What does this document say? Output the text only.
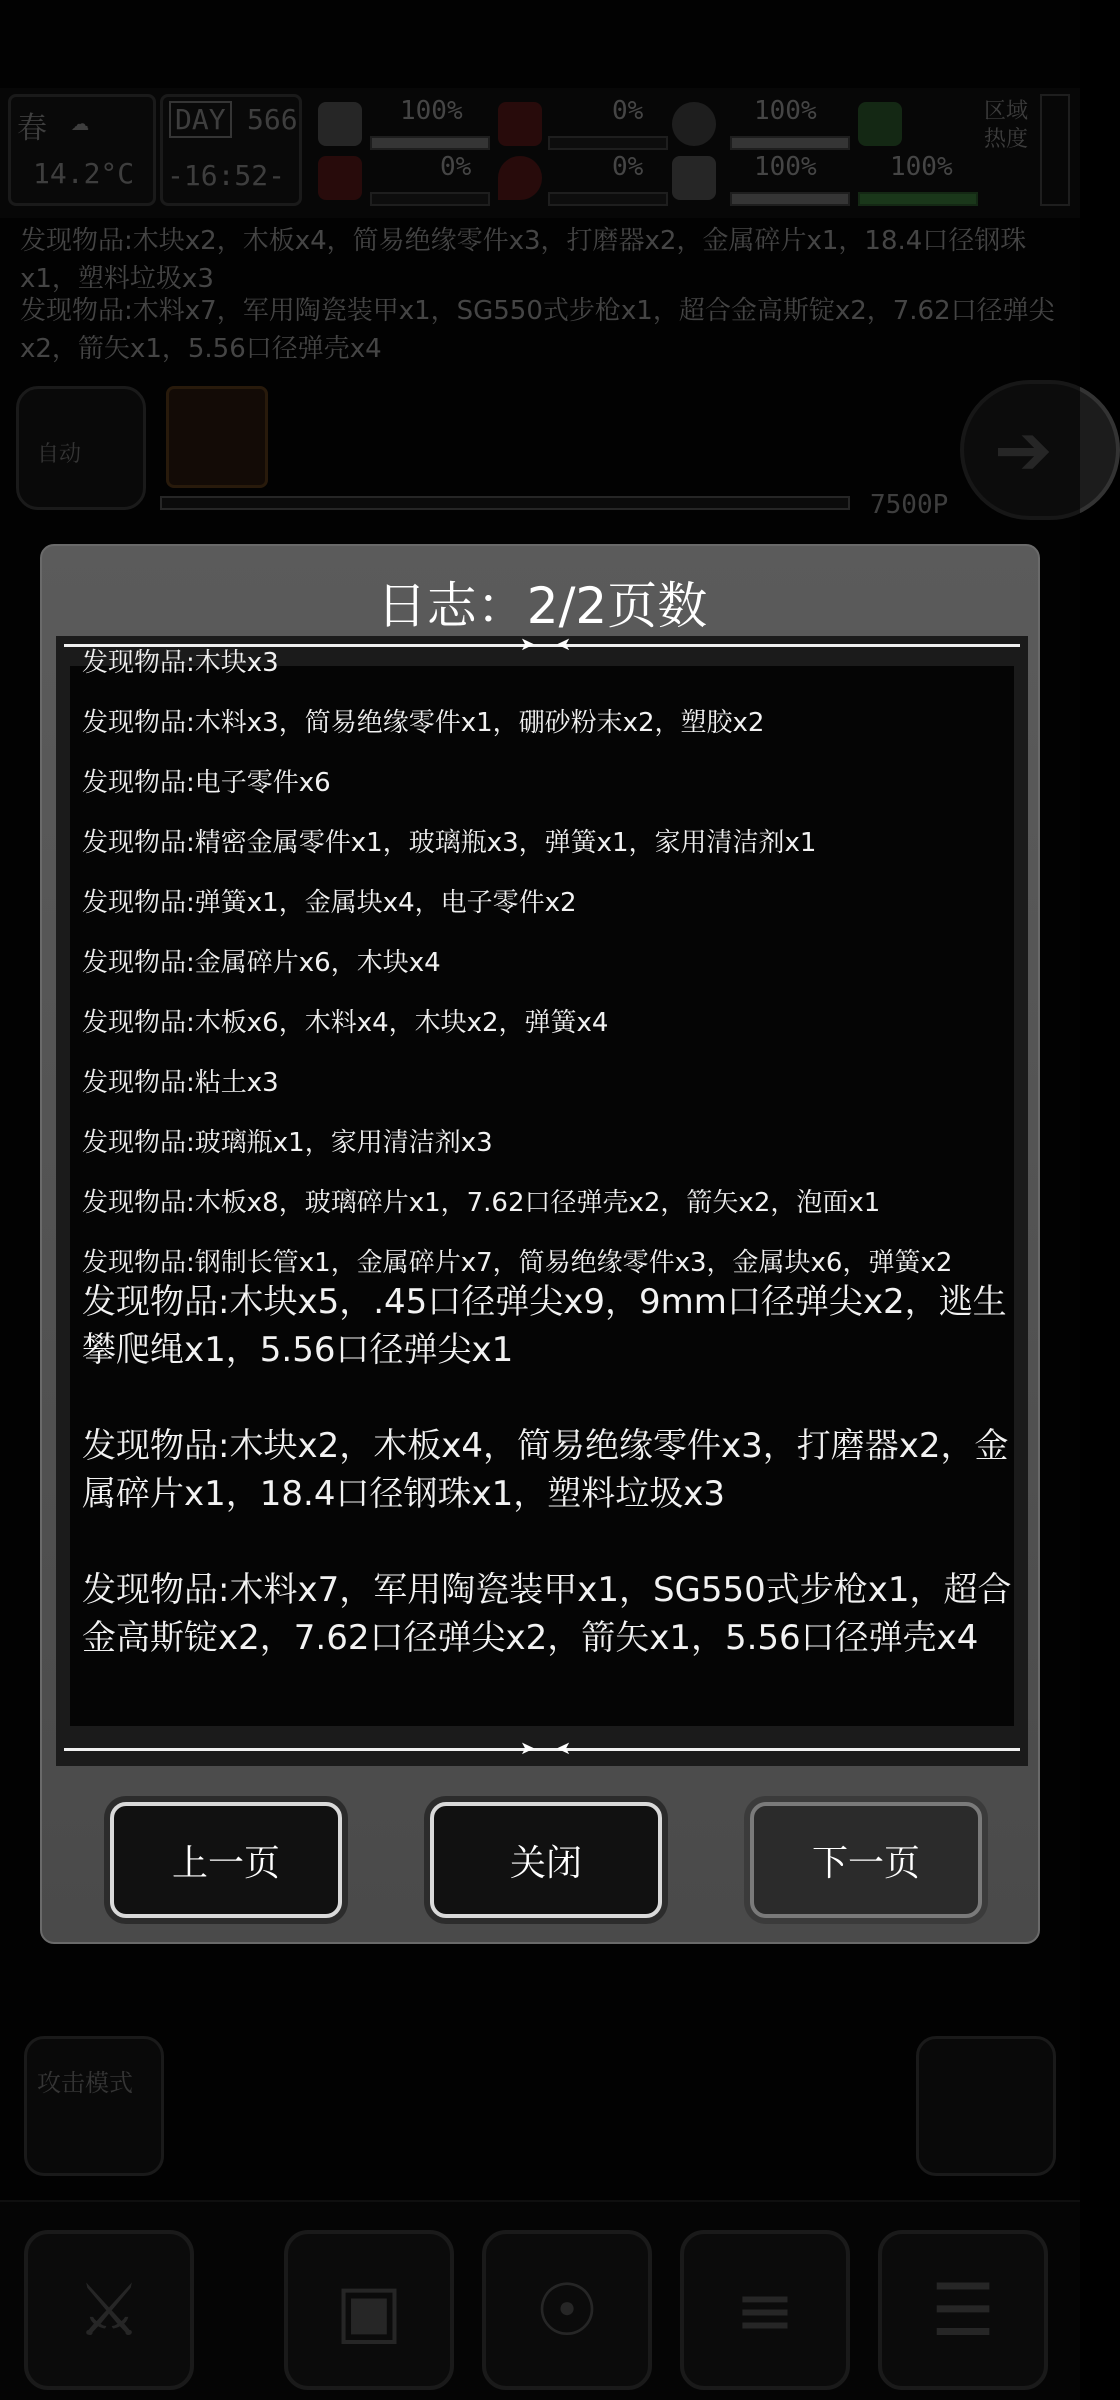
日志：2/2页数
➤ ➤
发现物品:木块x3
发现物品:木料x3，简易绝缘零件x1，硼砂粉末x2，塑胶x2
发现物品:电子零件x6
发现物品:精密金属零件x1，玻璃瓶x3，弹簧x1，家用清洁剂x1
发现物品:弹簧x1，金属块x4，电子零件x2
发现物品:金属碎片x6，木块x4
发现物品:木板x6，木料x4，木块x2，弹簧x4
发现物品:粘土x3
发现物品:玻璃瓶x1，家用清洁剂x3
发现物品:木板x8，玻璃碎片x1，7.62口径弹壳x2，箭矢x2，泡面x1
发现物品:钢制长管x1，金属碎片x7，简易绝缘零件x3，金属块x6，弹簧x2
发现物品:木块x5，.45口径弹尖x9，9mm口径弹尖x2，逃生攀爬绳x1，5.56口径弹尖x1
发现物品:木块x2，木板x4，简易绝缘零件x3，打磨器x2，金属碎片x1，18.4口径钢珠x1，塑料垃圾x3
发现物品:木料x7，军用陶瓷装甲x1，SG550式步枪x1，超合金高斯锭x2，7.62口径弹尖x2，箭矢x1，5.56口径弹壳x4
➤ ➤
上一页	关闭	下一页
